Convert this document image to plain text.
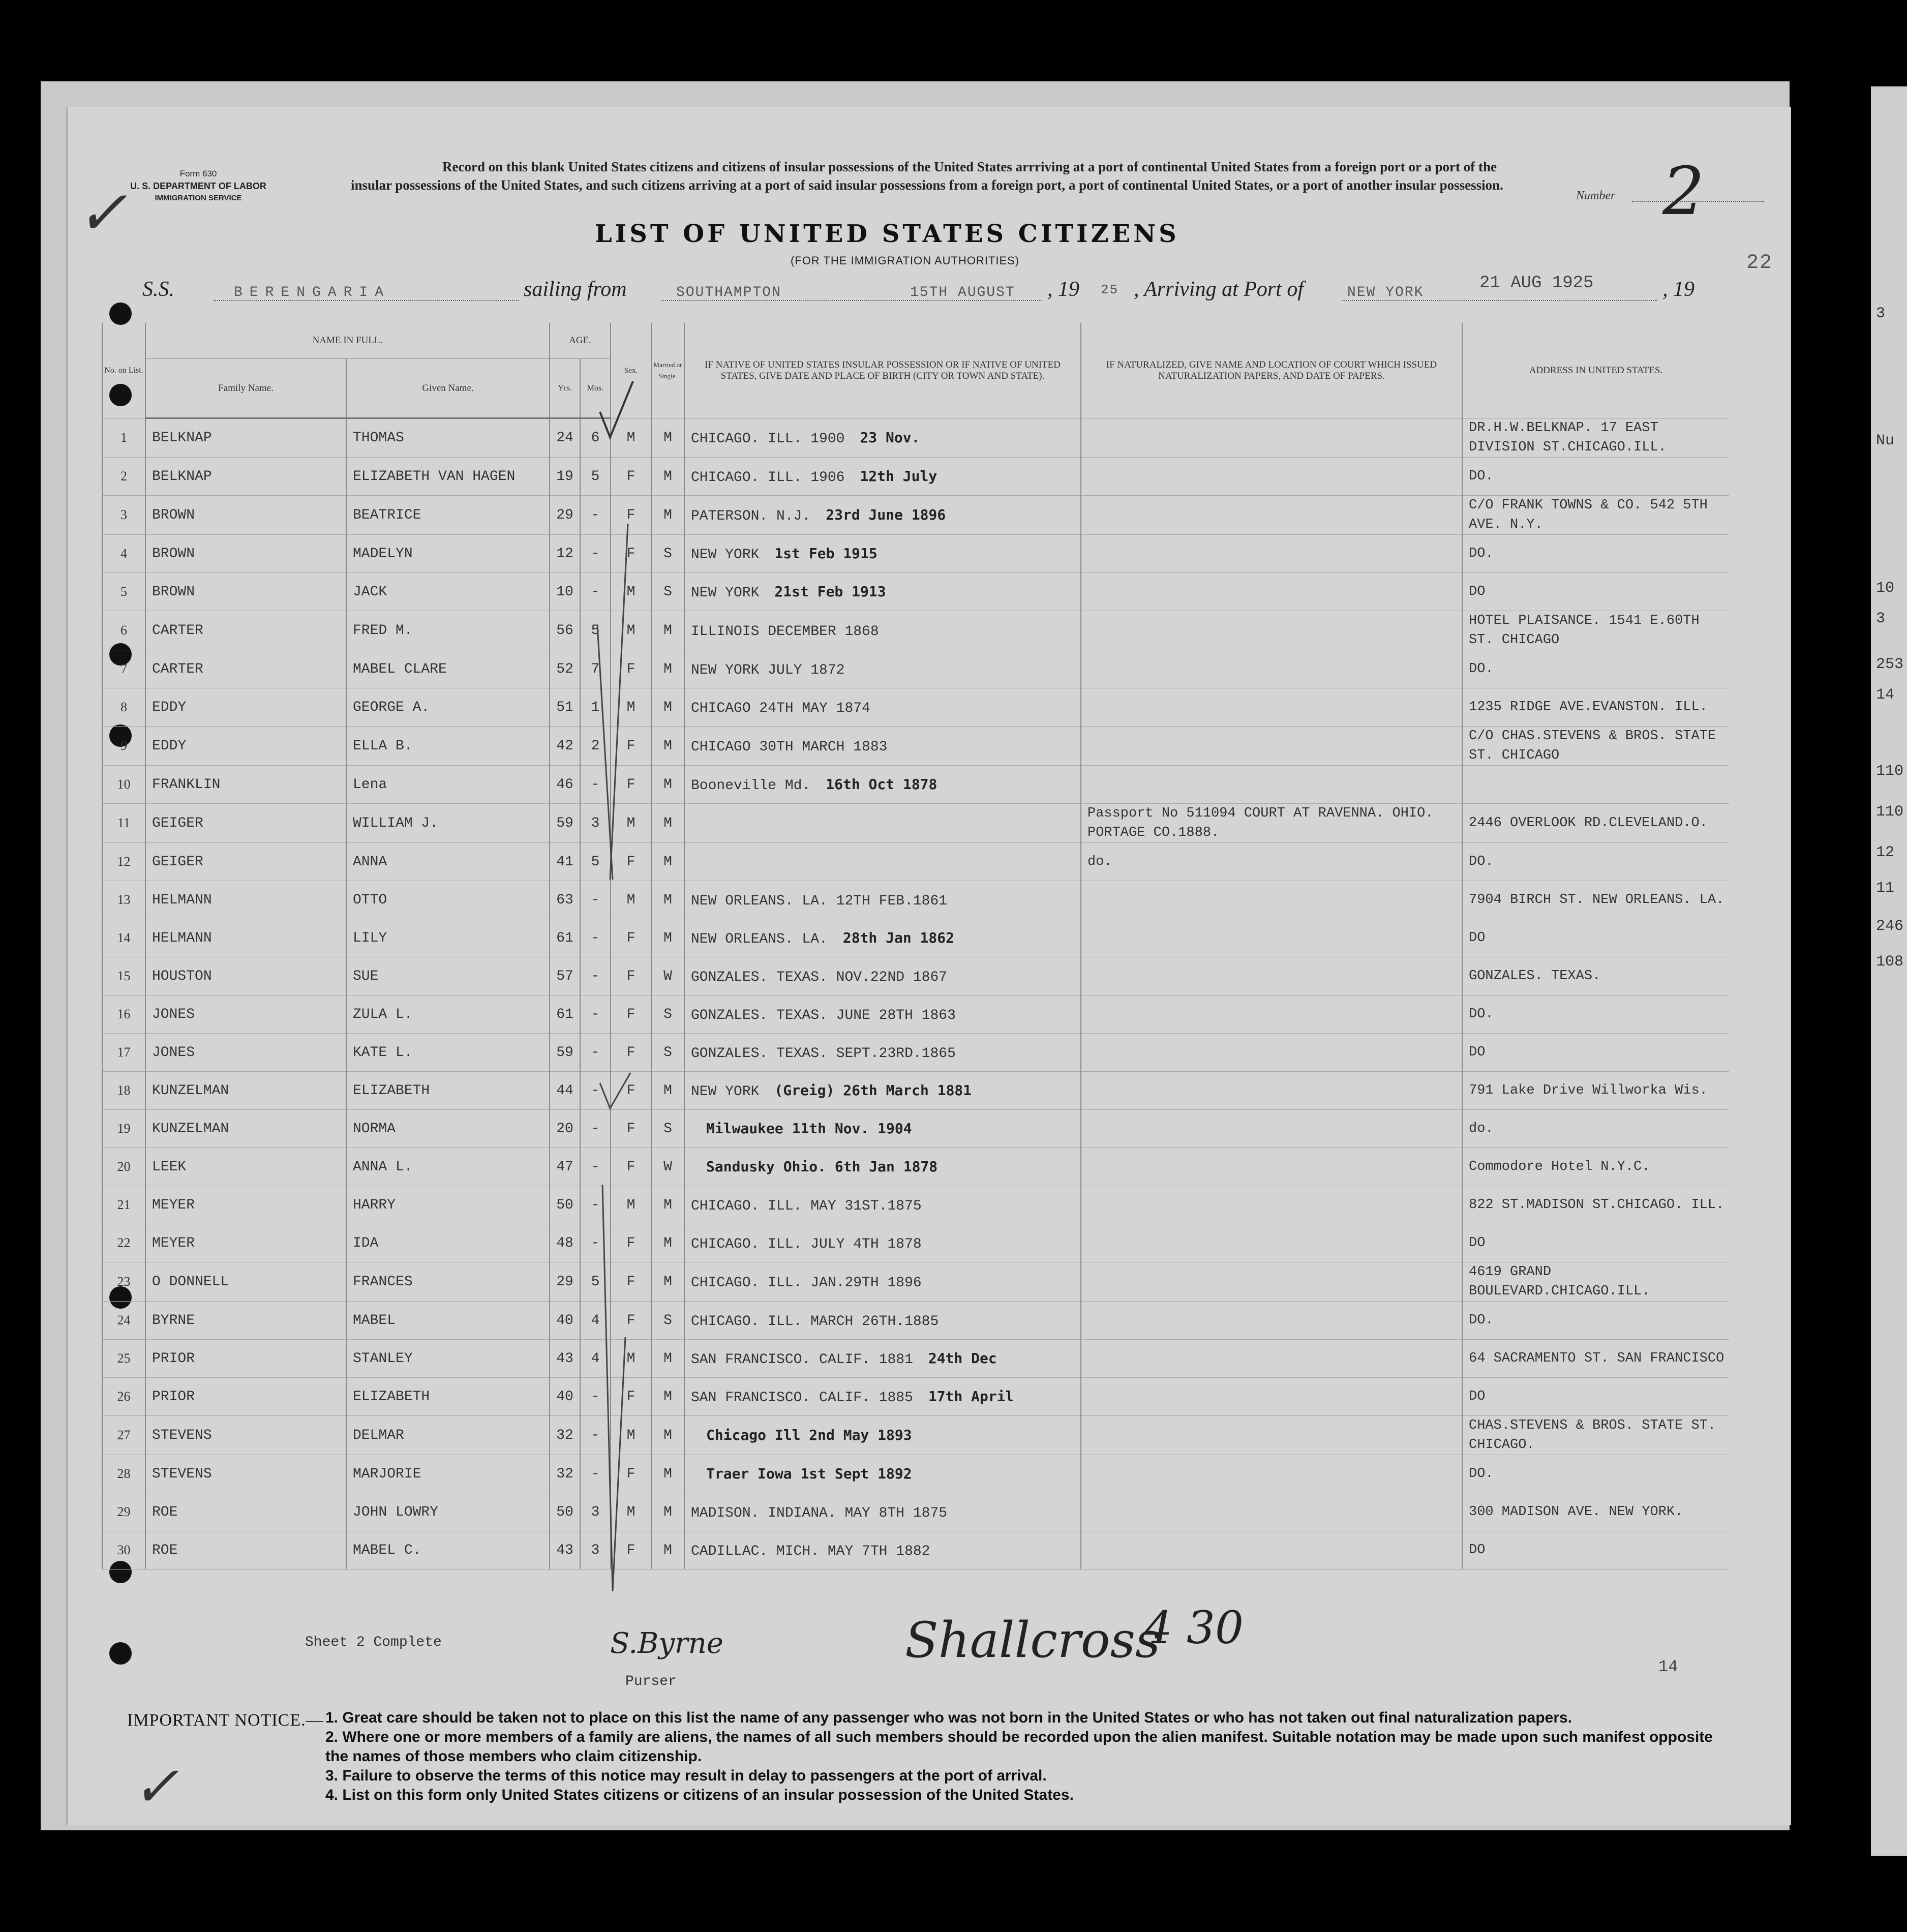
3
Nu
10
3
253
14
110
110
12
11
246
108
Form 630
U. S. DEPARTMENT OF LABOR
IMMIGRATION SERVICE
Record on this blank United States citizens and citizens of insular possessions of the United States arrriving at a port of continental United States from a foreign port or a port of the insular possessions of the United States, and such citizens arriving at a port of said insular possessions from a foreign port, a port of continental United States, or a port of another insular possession.
Number 2
LIST OF UNITED STATES CITIZENS
(FOR THE IMMIGRATION AUTHORITIES)
S.S.	BERENGARIA	sailing from	SOUTHAMPTON	15TH AUGUST , 19 25 , Arriving at Port of	NEW YORK	21 AUG 1925	, 19
22
No. on List.	NAME IN FULL.		AGE.		Sex.	Married or Single.	IF NATIVE OF UNITED STATES INSULAR POSSESSION OR IF NATIVE OF UNITED STATES, GIVE DATE AND PLACE OF BIRTH (CITY OR TOWN AND STATE).	IF NATURALIZED, GIVE NAME AND LOCATION OF COURT WHICH ISSUED NATURALIZATION PAPERS, AND DATE OF PAPERS.	ADDRESS IN UNITED STATES.
	Family Name.	Given Name.	Yrs.	Mos.					
1	BELKNAP	THOMAS	24	6	M	M	CHICAGO. ILL. 1900 23 Nov.		DR.H.W.BELKNAP. 17 EAST DIVISION ST.CHICAGO.ILL.
2	BELKNAP	ELIZABETH VAN HAGEN	19	5	F	M	CHICAGO. ILL. 1906 12th July		DO.
3	BROWN	BEATRICE	29	-	F	M	PATERSON. N.J. 23rd June 1896		C/O FRANK TOWNS & CO. 542 5TH AVE. N.Y.
4	BROWN	MADELYN	12	-	F	S	NEW YORK 1st Feb 1915		DO.
5	BROWN	JACK	10	-	M	S	NEW YORK 21st Feb 1913		DO
6	CARTER	FRED M.	56	5	M	M	ILLINOIS DECEMBER 1868		HOTEL PLAISANCE. 1541 E.60TH ST. CHICAGO
7	CARTER	MABEL CLARE	52	7	F	M	NEW YORK JULY 1872		DO.
8	EDDY	GEORGE A.	51	1	M	M	CHICAGO 24TH MAY 1874		1235 RIDGE AVE.EVANSTON. ILL.
9	EDDY	ELLA B.	42	2	F	M	CHICAGO 30TH MARCH 1883		C/O CHAS.STEVENS & BROS. STATE ST. CHICAGO
10	FRANKLIN	Lena	46	-	F	M	Booneville Md. 16th Oct 1878		
11	GEIGER	WILLIAM J.	59	3	M	M		Passport No 511094 COURT AT RAVENNA. OHIO. PORTAGE CO.1888.	2446 OVERLOOK RD.CLEVELAND.O.
12	GEIGER	ANNA	41	5	F	M		do.	DO.
13	HELMANN	OTTO	63	-	M	M	NEW ORLEANS. LA. 12TH FEB.1861		7904 BIRCH ST. NEW ORLEANS. LA.
14	HELMANN	LILY	61	-	F	M	NEW ORLEANS. LA. 28th Jan 1862		DO
15	HOUSTON	SUE	57	-	F	W	GONZALES. TEXAS. NOV.22ND 1867		GONZALES. TEXAS.
16	JONES	ZULA L.	61	-	F	S	GONZALES. TEXAS. JUNE 28TH 1863		DO.
17	JONES	KATE L.	59	-	F	S	GONZALES. TEXAS. SEPT.23RD.1865		DO
18	KUNZELMAN	ELIZABETH	44	-	F	M	NEW YORK (Greig) 26th March 1881		791 Lake Drive Willworka Wis.
19	KUNZELMAN	NORMA	20	-	F	S	Milwaukee 11th Nov. 1904		do.
20	LEEK	ANNA L.	47	-	F	W	Sandusky Ohio. 6th Jan 1878		Commodore Hotel N.Y.C.
21	MEYER	HARRY	50	-	M	M	CHICAGO. ILL. MAY 31ST.1875		822 ST.MADISON ST.CHICAGO. ILL.
22	MEYER	IDA	48	-	F	M	CHICAGO. ILL. JULY 4TH 1878		DO
23	O DONNELL	FRANCES	29	5	F	M	CHICAGO. ILL. JAN.29TH 1896		4619 GRAND BOULEVARD.CHICAGO.ILL.
24	BYRNE	MABEL	40	4	F	S	CHICAGO. ILL. MARCH 26TH.1885		DO.
25	PRIOR	STANLEY	43	4	M	M	SAN FRANCISCO. CALIF. 1881 24th Dec		64 SACRAMENTO ST. SAN FRANCISCO
26	PRIOR	ELIZABETH	40	-	F	M	SAN FRANCISCO. CALIF. 1885 17th April		DO
27	STEVENS	DELMAR	32	-	M	M	Chicago Ill 2nd May 1893		CHAS.STEVENS & BROS. STATE ST. CHICAGO.
28	STEVENS	MARJORIE	32	-	F	M	Traer Iowa 1st Sept 1892		DO.
29	ROE	JOHN LOWRY	50	3	M	M	MADISON. INDIANA. MAY 8TH 1875		300 MADISON AVE. NEW YORK.
30	ROE	MABEL C.	43	3	F	M	CADILLAC. MICH. MAY 7TH 1882		DO
Sheet 2 Complete	S.Byrne	Shallcross
4 30
Purser
14
IMPORTANT NOTICE.— 1. Great care should be taken not to place on this list the name of any passenger who was not born in the United States or who has not taken out final naturalization papers.
2. Where one or more members of a family are aliens, the names of all such members should be recorded upon the alien manifest. Suitable notation may be made upon such manifest opposite the names of those members who claim citizenship.
3. Failure to observe the terms of this notice may result in delay to passengers at the port of arrival.
4. List on this form only United States citizens or citizens of an insular possession of the United States.
✓
✓
